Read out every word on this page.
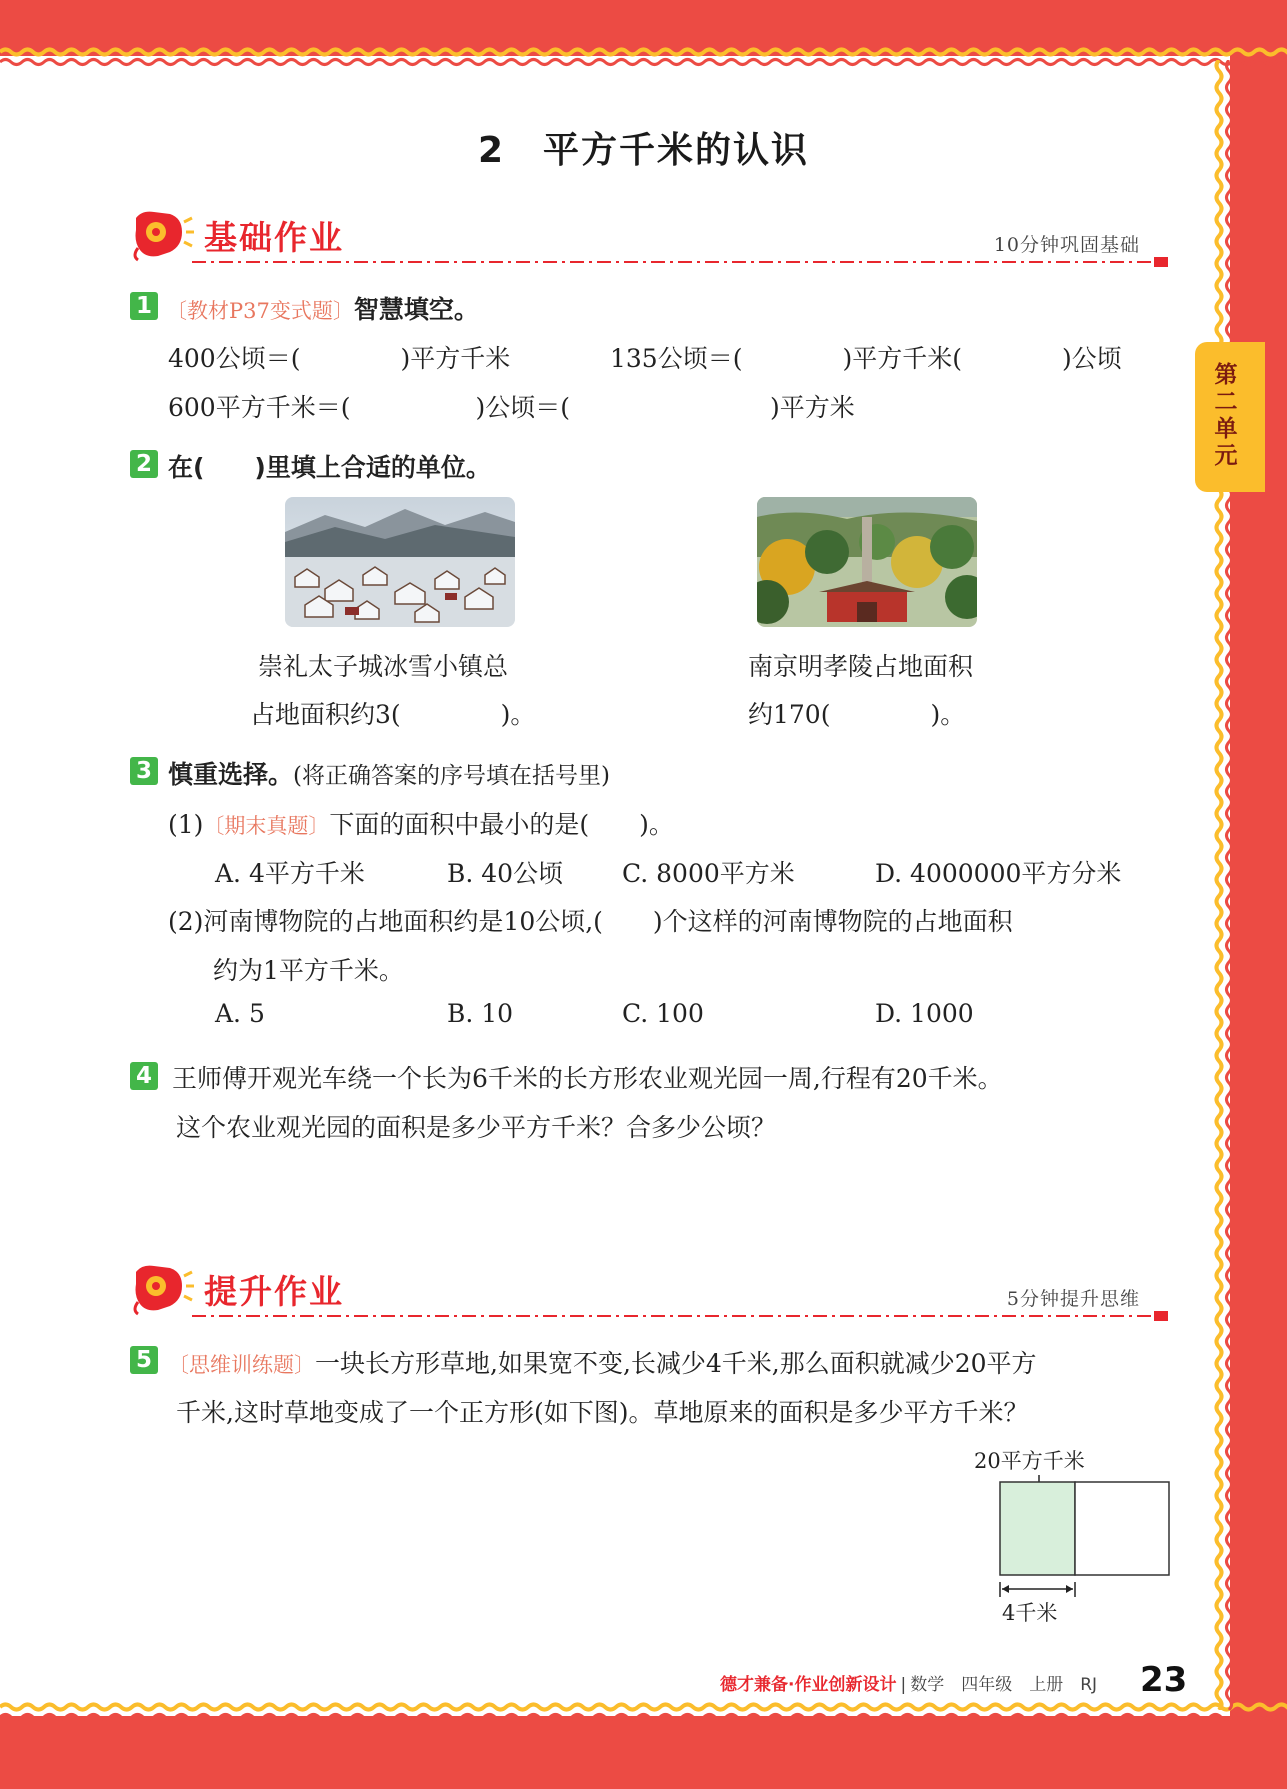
2　平方千米的认识
第二单元
基础作业	10分钟巩固基础
1 〔教材P37变式题〕智慧填空。
400公顷＝(　　　　)平方千米	135公顷＝(　　　　)平方千米(　　　　)公顷
600平方千米＝(　　　　　)公顷＝(　　　　　　　　)平方米
2 在(　　)里填上合适的单位。
崇礼太子城冰雪小镇总
占地面积约3(　　　　)。
南京明孝陵占地面积
约170(　　　　)。
3 慎重选择。(将正确答案的序号填在括号里)
(1)〔期末真题〕下面的面积中最小的是(　　)。
A. 4平方千米	B. 40公顷 C. 8000平方米	D. 4000000平方分米
(2)河南博物院的占地面积约是10公顷,(　　)个这样的河南博物院的占地面积
约为1平方千米。
A. 5	B. 10	C. 100	D. 1000
4 王师傅开观光车绕一个长为6千米的长方形农业观光园一周,行程有20千米。
这个农业观光园的面积是多少平方千米？合多少公顷？
提升作业	5分钟提升思维
5 〔思维训练题〕一块长方形草地,如果宽不变,长减少4千米,那么面积就减少20平方
千米,这时草地变成了一个正方形(如下图)。草地原来的面积是多少平方千米？
20平方千米
4千米
德才兼备·作业创新设计 | 数学　四年级　上册　RJ 23
